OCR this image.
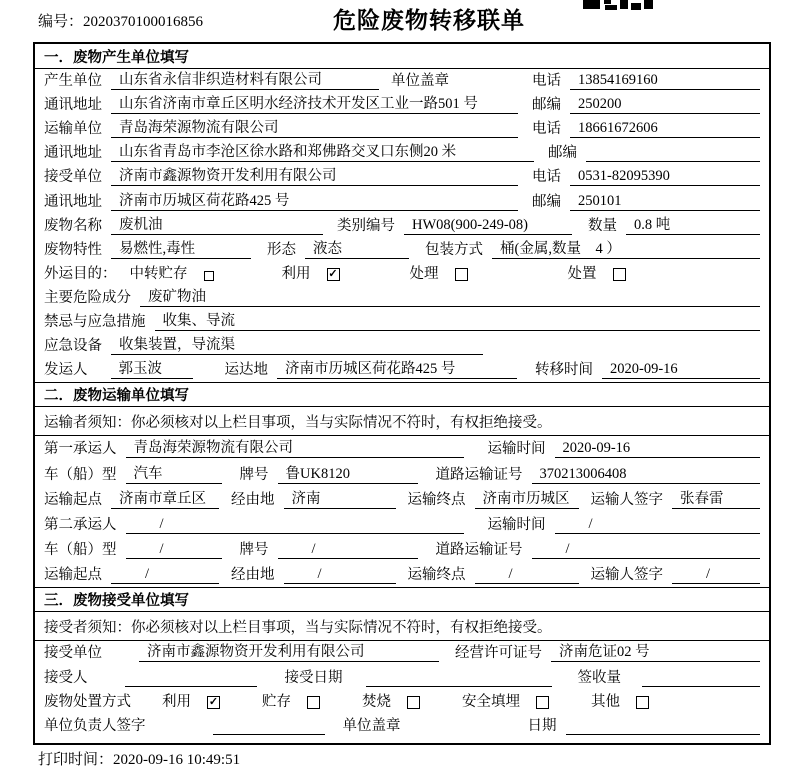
编号：2020370100016856	危险废物转移联单
一．废物产生单位填写
产生单位	山东省永信非织造材料有限公司	单位盖章	电话	13854169160
通讯地址	山东省济南市章丘区明水经济技术开发区工业一路501 号	邮编	250200
运输单位	青岛海荣源物流有限公司	电话	18661672606
通讯地址	山东省青岛市李沧区徐水路和郑佛路交叉口东侧20 米	邮编
接受单位	济南市鑫源物资开发利用有限公司	电话	0531-82095390
通讯地址	济南市历城区荷花路425 号	邮编	250101
废物名称	废机油	类别编号	HW08(900-249-08)	数量	0.8 吨
废物特性	易燃性,毒性	形态	液态	包装方式	桶(金属,数量　4 ）
外运目的： 中转贮存	利用 ✓	处理	处置
主要危险成分	废矿物油
禁忌与应急措施	收集、导流
应急设备	收集装置，导流渠
发运人	郭玉波	运达地	济南市历城区荷花路425 号	转移时间	2020-09-16
二．废物运输单位填写
运输者须知：你必须核对以上栏目事项，当与实际情况不符时，有权拒绝接受。
第一承运人	青岛海荣源物流有限公司	运输时间	2020-09-16
车（船）型	汽车	牌号	鲁UK8120	道路运输证号	370213006408
运输起点	济南市章丘区	经由地	济南	运输终点	济南市历城区	运输人签字	张春雷
第二承运人	/	运输时间	/
车（船）型	/	牌号	/	道路运输证号	/
运输起点	/	经由地	/	运输终点	/	运输人签字	/
三．废物接受单位填写
接受者须知：你必须核对以上栏目事项，当与实际情况不符时，有权拒绝接受。
接受单位	济南市鑫源物资开发利用有限公司	经营许可证号	济南危证02 号
接受人	接受日期	签收量
废物处置方式 利用 ✓	贮存	焚烧	安全填埋	其他
单位负责人签字	单位盖章	日期
打印时间：2020-09-16 10:49:51
